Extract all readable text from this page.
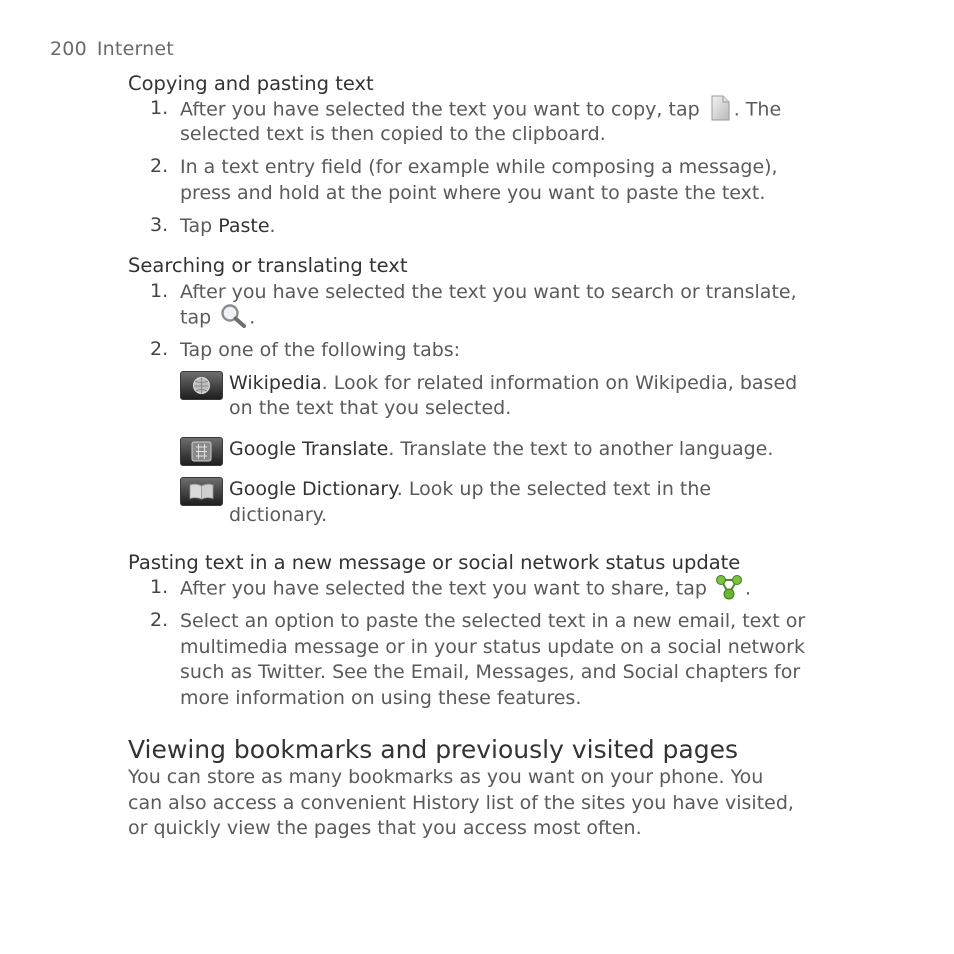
200 Internet
Copying and pasting text
1. After you have selected the text you want to copy, tap . The
selected text is then copied to the clipboard.
2. In a text entry field (for example while composing a message),
press and hold at the point where you want to paste the text.
3. Tap Paste.
Searching or translating text
1. After you have selected the text you want to search or translate,
tap .
2. Tap one of the following tabs:
Wikipedia. Look for related information on Wikipedia, based
on the text that you selected.
Google Translate. Translate the text to another language.
Google Dictionary. Look up the selected text in the
dictionary.
Pasting text in a new message or social network status update
1. After you have selected the text you want to share, tap .
2. Select an option to paste the selected text in a new email, text or
multimedia message or in your status update on a social network
such as Twitter. See the Email, Messages, and Social chapters for
more information on using these features.
Viewing bookmarks and previously visited pages
You can store as many bookmarks as you want on your phone. You
can also access a convenient History list of the sites you have visited,
or quickly view the pages that you access most often.
